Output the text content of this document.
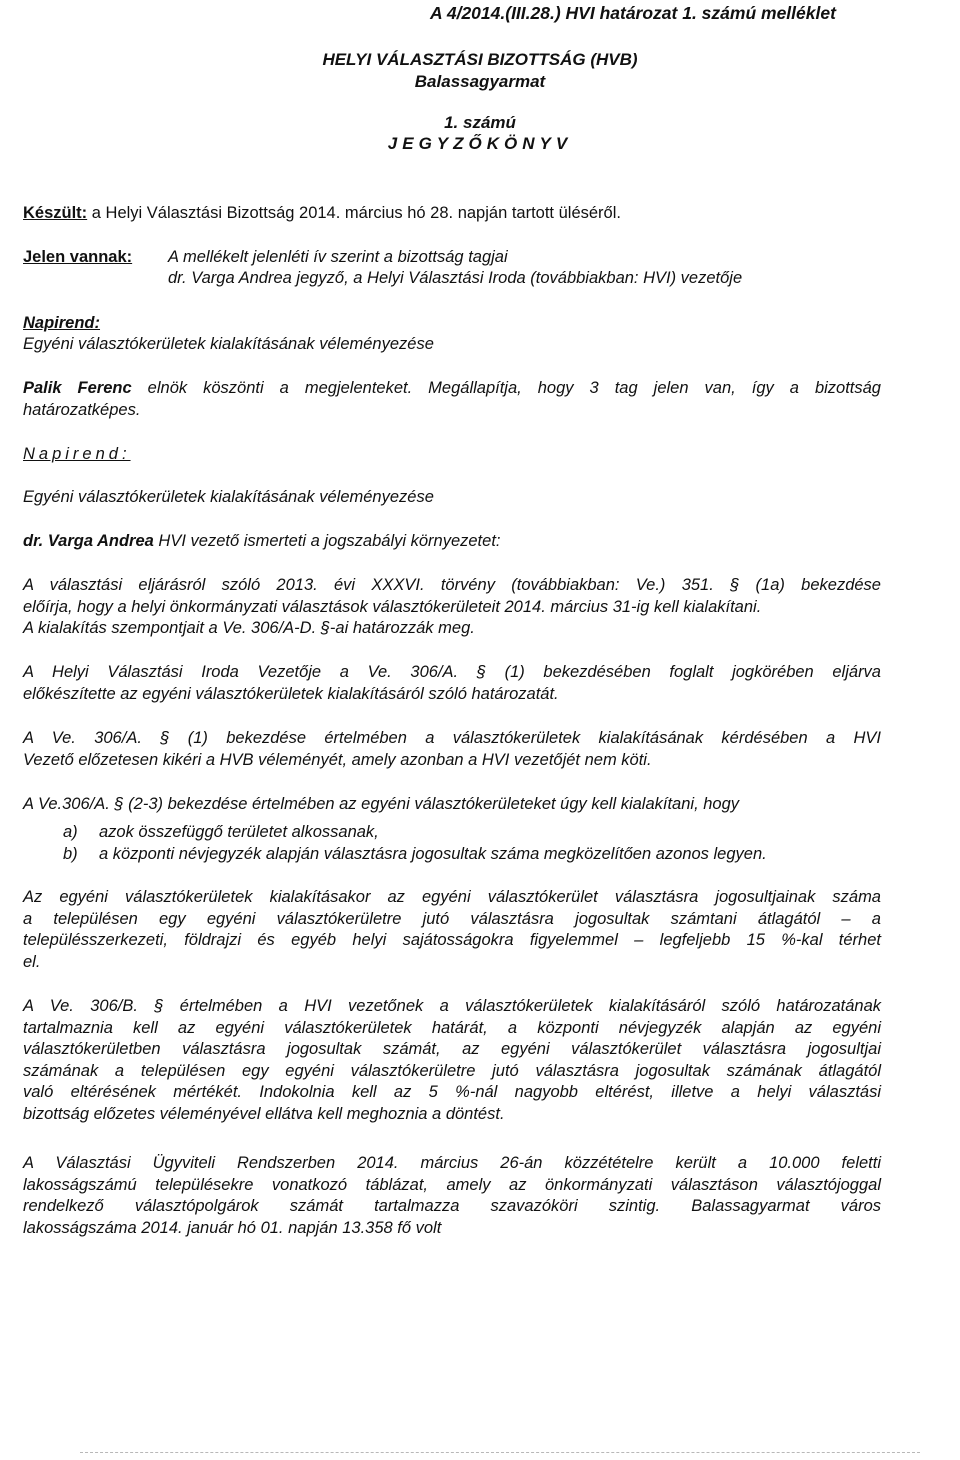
A 4/2014.(III.28.) HVI határozat 1. számú melléklet
HELYI VÁLASZTÁSI BIZOTTSÁG (HVB)
Balassagyarmat
1. számú
JEGYZŐKÖNYV
Készült: a Helyi Választási Bizottság 2014. március hó 28. napján tartott üléséről.
Jelen vannak: A mellékelt jelenléti ív szerint a bizottság tagjai
dr. Varga Andrea jegyző, a Helyi Választási Iroda (továbbiakban: HVI) vezetője
Napirend:
Egyéni választókerületek kialakításának véleményezése
Palik Ferenc elnök köszönti a megjelenteket. Megállapítja, hogy 3 tag jelen van, így a bizottság
határozatképes.
Napirend:
Egyéni választókerületek kialakításának véleményezése
dr. Varga Andrea HVI vezető ismerteti a jogszabályi környezetet:
A választási eljárásról szóló 2013. évi XXXVI. törvény (továbbiakban: Ve.) 351. § (1a) bekezdése
előírja, hogy a helyi önkormányzati választások választókerületeit 2014. március 31-ig kell kialakítani.
A kialakítás szempontjait a Ve. 306/A-D. §-ai határozzák meg.
A Helyi Választási Iroda Vezetője a Ve. 306/A. § (1) bekezdésében foglalt jogkörében eljárva
előkészítette az egyéni választókerületek kialakításáról szóló határozatát.
A Ve. 306/A. § (1) bekezdése értelmében a választókerületek kialakításának kérdésében a HVI
Vezető előzetesen kikéri a HVB véleményét, amely azonban a HVI vezetőjét nem köti.
A Ve.306/A. § (2-3) bekezdése értelmében az egyéni választókerületeket úgy kell kialakítani, hogy
a) azok összefüggő területet alkossanak,
b) a központi névjegyzék alapján választásra jogosultak száma megközelítően azonos legyen.
Az egyéni választókerületek kialakításakor az egyéni választókerület választásra jogosultjainak száma
a településen egy egyéni választókerületre jutó választásra jogosultak számtani átlagától – a
településszerkezeti, földrajzi és egyéb helyi sajátosságokra figyelemmel – legfeljebb 15 %-kal térhet
el.
A Ve. 306/B. § értelmében a HVI vezetőnek a választókerületek kialakításáról szóló határozatának
tartalmaznia kell az egyéni választókerületek határát, a központi névjegyzék alapján az egyéni
választókerületben választásra jogosultak számát, az egyéni választókerület választásra jogosultjai
számának a településen egy egyéni választókerületre jutó választásra jogosultak számának átlagától
való eltérésének mértékét. Indokolnia kell az 5 %-nál nagyobb eltérést, illetve a helyi választási
bizottság előzetes véleményével ellátva kell meghoznia a döntést.
A Választási Ügyviteli Rendszerben 2014. március 26-án közzétételre került a 10.000 feletti
lakosságszámú településekre vonatkozó táblázat, amely az önkormányzati választáson választójoggal
rendelkező választópolgárok számát tartalmazza szavazóköri szintig. Balassagyarmat város
lakosságszáma 2014. január hó 01. napján 13.358 fő volt
